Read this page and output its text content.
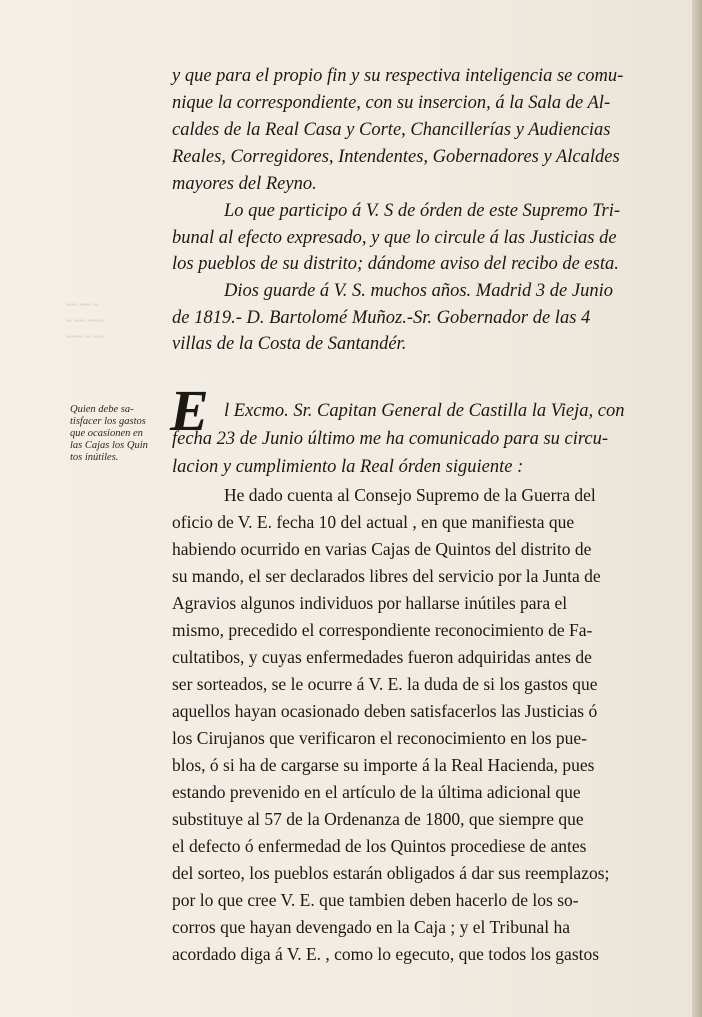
~~ ~~ ~
~ ~~ ~~~
~~~ ~ ~~
y que para el propio fin y su respectiva inteligencia se comu-
nique la correspondiente, con su insercion, á la Sala de Al-
caldes de la Real Casa y Corte, Chancillerías y Audiencias
Reales, Corregidores, Intendentes, Gobernadores y Alcaldes
mayores del Reyno.
Lo que participo á V. S de órden de este Supremo Tri-
bunal al efecto expresado, y que lo circule á las Justicias de
los pueblos de su distrito; dándome aviso del recibo de esta.
Dios guarde á V. S. muchos años. Madrid 3 de Junio
de 1819.- D. Bartolomé Muñoz.-Sr. Gobernador de las 4
villas de la Costa de Santandér.
Quien debe sa-
tisfacer los gastos
que ocasionen en
las Cajas los Quin
tos inútiles.
E l Excmo. Sr. Capitan General de Castilla la Vieja, con
fecha 23 de Junio último me ha comunicado para su circu-
lacion y cumplimiento la Real órden siguiente :
He dado cuenta al Consejo Supremo de la Guerra del
oficio de V. E. fecha 10 del actual , en que manifiesta que
habiendo ocurrido en varias Cajas de Quintos del distrito de
su mando, el ser declarados libres del servicio por la Junta de
Agravios algunos individuos por hallarse inútiles para el
mismo, precedido el correspondiente reconocimiento de Fa-
cultatibos, y cuyas enfermedades fueron adquiridas antes de
ser sorteados, se le ocurre á V. E. la duda de si los gastos que
aquellos hayan ocasionado deben satisfacerlos las Justicias ó
los Cirujanos que verificaron el reconocimiento en los pue-
blos, ó si ha de cargarse su importe á la Real Hacienda, pues
estando prevenido en el artículo de la última adicional que
substituye al 57 de la Ordenanza de 1800, que siempre que
el defecto ó enfermedad de los Quintos procediese de antes
del sorteo, los pueblos estarán obligados á dar sus reemplazos;
por lo que cree V. E. que tambien deben hacerlo de los so-
corros que hayan devengado en la Caja ; y el Tribunal ha
acordado diga á V. E. , como lo egecuto, que todos los gastos
